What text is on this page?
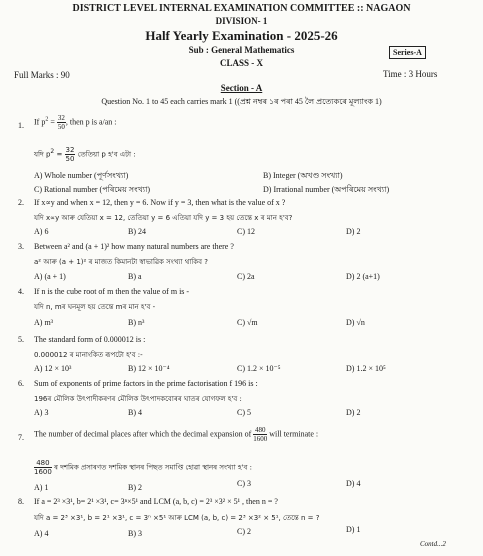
DISTRICT LEVEL INTERNAL EXAMINATION COMMITTEE :: NAGAON
DIVISION- 1
Half Yearly Examination - 2025-26
Sub : General Mathematics	Series-A
CLASS - X
Full Marks : 90	Time : 3 Hours
Section - A
Question No. 1 to 45 each carries mark 1 ((প্ৰশ্ন নম্বৰ ১ৰ পৰা 45 লৈ প্ৰত্যেকৰে মূল্যাংক 1)
1. If $p^2 = \frac{32}{50}$ , then p is a/an :
যদি $p2 = \frac{32}{50}$ তেতিয়া p হ'ব এটা :
A) Whole number (পূৰ্ণসংখ্যা)	B) Integer (অখণ্ড সংখ্যা)
C) Rational number (পৰিমেয় সংখ্যা)	D) Irrational number (অপৰিমেয় সংখ্যা)
2. If x∝y and when x = 12, then y = 6. Now if y = 3, then what is the value of x ?
যদি x∝y আৰু যেতিয়া x = 12, তেতিয়া y = 6 এতিয়া যদি y = 3 হয় তেন্তে x ৰ মান হ'ব?
A) 6	B) 24	C) 12	D) 2
3. Between a² and (a + 1)² how many natural numbers are there ?
a² আৰু (a + 1)² ৰ মাজত কিমানটা স্বাভাৱিক সংখ্যা থাকিব ?
A) (a + 1)	B) a	C) 2a	D) 2 (a+1)
4. If n is the cube root of m then the value of m is -
যদি n, mৰ ঘনমূল হয় তেন্তে mৰ মান হ'ব -
A) m³	B) n³	C) √m	D) √n
5. The standard form of 0.000012 is :
0.000012 ৰ মানাংকিত ৰূপটো হ'ব :-
A) 12 × 10³	B) 12 × 10⁻⁴	C) 1.2 × 10⁻⁵	D) 1.2 × 10⁵
6. Sum of exponents of prime factors in the prime factorisation f 196 is :
196ৰ মৌলিক উৎপাদীকৰণৰ মৌলিক উৎপাদকবোৰৰ ঘাতৰ যোগফল হ'ব :
A) 3	B) 4	C) 5	D) 2
7. The number of decimal places after which the decimal expansion of $\frac{480}{1600}$ will terminate :
$\frac{480}{1600}$ ৰ দশমিক প্ৰসাৰণত দশমিক স্থানৰ পিছত সমাপ্তি হোৱা স্থানৰ সংখ্যা হ'ব :
A) 1	B) 2	C) 3	D) 4
8. If a = 2³ ×3¹, b= 2¹ ×3¹, c= 3ⁿ×5¹ and LCM (a, b, c) = 2³ ×3² × 5¹ , then n = ?
যদি a = 2³ ×3¹, b = 2¹ ×3¹, c = 3ⁿ ×5¹ আৰু LCM (a, b, c) = 2³ ×3² × 5¹, তেন্তে n = ?
A) 4	B) 3	C) 2	D) 1
Contd...2
